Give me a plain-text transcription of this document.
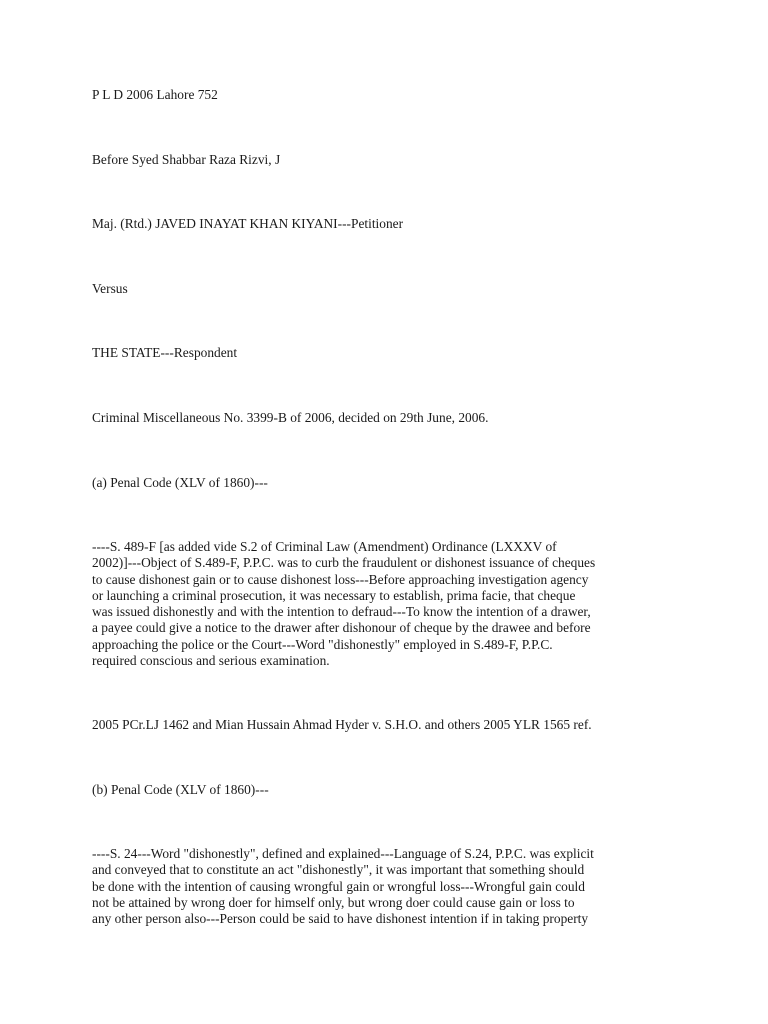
P L D 2006 Lahore 752

Before Syed Shabbar Raza Rizvi, J

Maj. (Rtd.) JAVED INAYAT KHAN KIYANI---Petitioner

Versus

THE STATE---Respondent

Criminal Miscellaneous No. 3399-B of 2006, decided on 29th June, 2006.

(a) Penal Code (XLV of 1860)---

----S. 489-F [as added vide S.2 of Criminal Law (Amendment) Ordinance (LXXXV of
2002)]---Object of S.489-F, P.P.C. was to curb the fraudulent or dishonest issuance of cheques
to cause dishonest gain or to cause dishonest loss---Before approaching investigation agency
or launching a criminal prosecution, it was necessary to establish, prima facie, that cheque
was issued dishonestly and with the intention to defraud---To know the intention of a drawer,
a payee could give a notice to the drawer after dishonour of cheque by the drawee and before
approaching the police or the Court---Word "dishonestly" employed in S.489-F, P.P.C.
required conscious and serious examination.

2005 PCr.LJ 1462 and Mian Hussain Ahmad Hyder v. S.H.O. and others 2005 YLR 1565 ref.

(b) Penal Code (XLV of 1860)---

----S. 24---Word "dishonestly", defined and explained---Language of S.24, P.P.C. was explicit
and conveyed that to constitute an act "dishonestly", it was important that something should
be done with the intention of causing wrongful gain or wrongful loss---Wrongful gain could
not be attained by wrong doer for himself only, but wrong doer could cause gain or loss to
any other person also---Person could be said to have dishonest intention if in taking property
